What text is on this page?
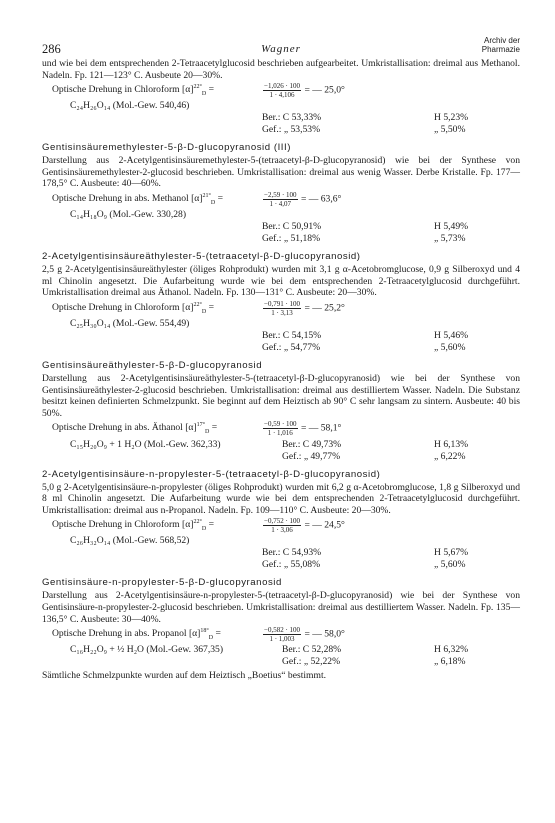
286	Wagner
Archiv der
Pharmazie

und wie bei dem entsprechenden 2-Tetraacetylglucosid beschrieben aufgearbeitet. Umkristallisation: dreimal aus Methanol. Nadeln. Fp. 121—123° C. Ausbeute 20—30%.

Optische Drehung in Chloroform $[\alpha]^{22^\circ}_D$ =	$\frac{-1,026 \cdot 100}{1 \cdot 4,106}$ = — 25,0°
C₂₄H₂₆O₁₄ (Mol.-Gew. 540,46)
Ber.: C 53,33%	H 5,23%
Gef.: „ 53,53%	„ 5,50%
Gentisinsäuremethylester-5-β-D-glucopyranosid (III)

Darstellung aus 2-Acetylgentisinsäuremethylester-5-(tetraacetyl-β-D-glucopyranosid) wie bei der Synthese von Gentisinsäuremethylester-2-glucosid beschrieben. Umkristallisation: dreimal aus wenig Wasser. Derbe Kristalle. Fp. 177—178,5° C. Ausbeute: 40—60%.

Optische Drehung in abs. Methanol $[\alpha]^{21^\circ}_D$ =	$\frac{-2,59 \cdot 100}{1 \cdot 4,07}$ = — 63,6°
C₁₄H₁₈O₉ (Mol.-Gew. 330,28)
Ber.: C 50,91%	H 5,49%
Gef.: „ 51,18%	„ 5,73%
2-Acetylgentisinsäureäthylester-5-(tetraacetyl-β-D-glucopyranosid)

2,5 g 2-Acetylgentisinsäureäthylester (öliges Rohprodukt) wurden mit 3,1 g α-Acetobromglucose, 0,9 g Silberoxyd und 4 ml Chinolin angesetzt. Die Aufarbeitung wurde wie bei dem entsprechenden 2-Tetraacetylglucosid durchgeführt. Umkristallisation dreimal aus Äthanol. Nadeln. Fp. 130—131° C. Ausbeute: 20—30%.

Optische Drehung in Chloroform $[\alpha]^{22^\circ}_D$ =	$\frac{-0,791 \cdot 100}{1 \cdot 3,13}$ = — 25,2°
C₂₅H₃₀O₁₄ (Mol.-Gew. 554,49)
Ber.: C 54,15%	H 5,46%
Gef.: „ 54,77%	„ 5,60%
Gentisinsäureäthylester-5-β-D-glucopyranosid

Darstellung aus 2-Acetylgentisinsäureäthylester-5-(tetraacetyl-β-D-glucopyranosid) wie bei der Synthese von Gentisinsäureäthylester-2-glucosid beschrieben. Umkristallisation: dreimal aus destilliertem Wasser. Nadeln. Die Substanz besitzt keinen definierten Schmelzpunkt. Sie beginnt auf dem Heiztisch ab 90° C sehr langsam zu sintern. Ausbeute: 40 bis 50%.

Optische Drehung in abs. Äthanol $[\alpha]^{17^\circ}_D$ =	$\frac{-0,59 \cdot 100}{1 \cdot 1,016}$ = — 58,1°
C₁₅H₂₀O₉ + 1 H₂O (Mol.-Gew. 362,33)	Ber.: C 49,73%	H 6,13%
Gef.: „ 49,77%	„ 6,22%
2-Acetylgentisinsäure-n-propylester-5-(tetraacetyl-β-D-glucopyranosid)

5,0 g 2-Acetylgentisinsäure-n-propylester (öliges Rohprodukt) wurden mit 6,2 g α-Acetobromglucose, 1,8 g Silberoxyd und 8 ml Chinolin angesetzt. Die Aufarbeitung wurde wie bei dem entsprechenden 2-Tetraacetylglucosid durchgeführt. Umkristallisation: dreimal aus n-Propanol. Nadeln. Fp. 109—110° C. Ausbeute: 20—30%.

Optische Drehung in Chloroform $[\alpha]^{22^\circ}_D$ =	$\frac{-0,752 \cdot 100}{1 \cdot 3,06}$ = — 24,5°
C₂₆H₃₂O₁₄ (Mol.-Gew. 568,52)
Ber.: C 54,93%	H 5,67%
Gef.: „ 55,08%	„ 5,60%
Gentisinsäure-n-propylester-5-β-D-glucopyranosid

Darstellung aus 2-Acetylgentisinsäure-n-propylester-5-(tetraacetyl-β-D-glucopyranosid) wie bei der Synthese von Gentisinsäure-n-propylester-2-glucosid beschrieben. Umkristallisation: dreimal aus destilliertem Wasser. Nadeln. Fp. 135—136,5° C. Ausbeute: 30—40%.

Optische Drehung in abs. Propanol $[\alpha]^{18^\circ}_D$ =	$\frac{-0,582 \cdot 100}{1 \cdot 1,003}$ = — 58,0°
C₁₆H₂₂O₉ + ½ H₂O (Mol.-Gew. 367,35)	Ber.: C 52,28%	H 6,32%
Gef.: „ 52,22%	„ 6,18%

Sämtliche Schmelzpunkte wurden auf dem Heiztisch „Boetius“ bestimmt.
